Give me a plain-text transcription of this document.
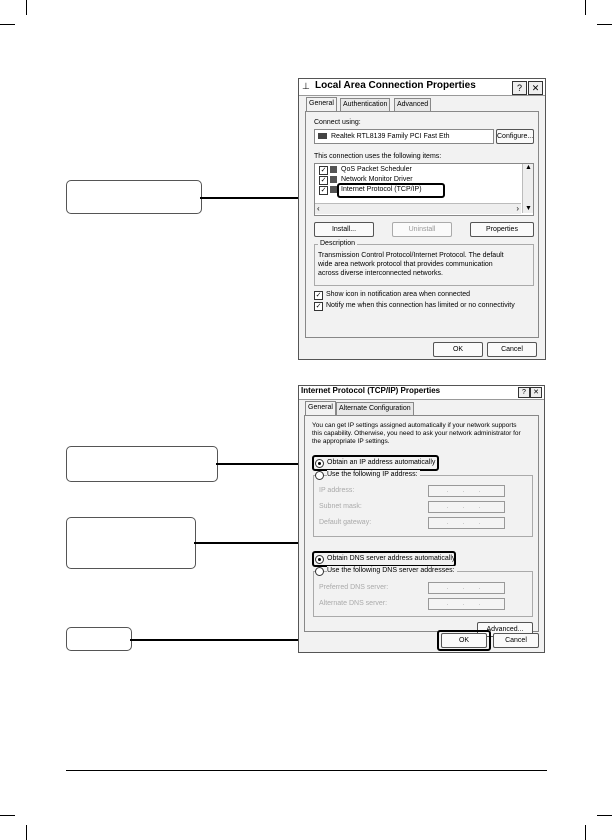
⊥ Local Area Connection Properties	?	✕
General	Authentication	Advanced
Connect using:
Realtek RTL8139 Family PCI Fast Eth	Configure...
This connection uses the following items:
✓ QoS Packet Scheduler
✓ Network Monitor Driver
✓ Internet Protocol (TCP/IP)
‹	›
▲
▼
Install...	Uninstall	Properties
Description
Transmission Control Protocol/Internet Protocol. The default
wide area network protocol that provides communication
across diverse interconnected networks.
✓ Show icon in notification area when connected
✓ Notify me when this connection has limited or no connectivity
OK	Cancel
Internet Protocol (TCP/IP) Properties	?	✕
General Alternate Configuration
You can get IP settings assigned automatically if your network supports
this capability. Otherwise, you need to ask your network administrator for
the appropriate IP settings.
Obtain an IP address automatically
Use the following IP address:
IP address:	. . .
Subnet mask:	. . .
Default gateway:	. . .
Obtain DNS server address automatically
Use the following DNS server addresses:
Preferred DNS server:	. . .
Alternate DNS server:	. . .
Advanced...
OK	Cancel
